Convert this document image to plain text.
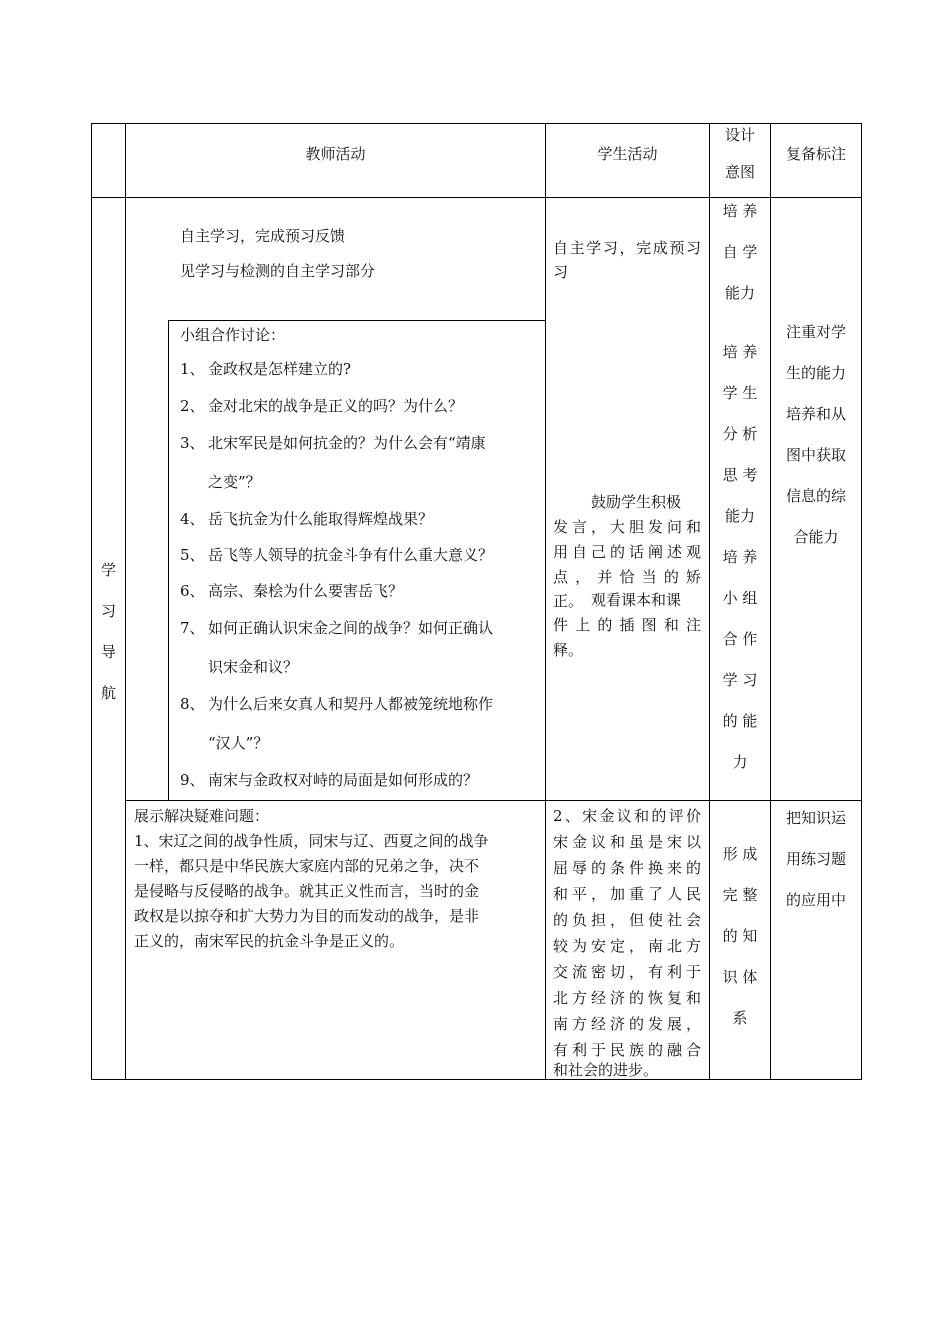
教师活动	学生活动
设计
意图
复备标注
学
习
导
航
自主学习，完成预习反馈
见学习与检测的自主学习部分
自主学习，完成预习
习
培 养
自 学
能力
小组合作讨论：
1、 金政权是怎样建立的?
2、 金对北宋的战争是正义的吗？为什么？
3、 北宋军民是如何抗金的？为什么会有“靖康
之变”？
4、 岳飞抗金为什么能取得辉煌战果？
5、 岳飞等人领导的抗金斗争有什么重大意义？
6、 高宗、秦桧为什么要害岳飞？
7、 如何正确认识宋金之间的战争？如何正确认
识宋金和议？
8、 为什么后来女真人和契丹人都被笼统地称作
“汉人”？
9、 南宋与金政权对峙的局面是如何形成的？
鼓励学生积极
发言，大胆发问和
用自己的话阐述观
点，并恰当的矫
正。 观看课本和课
件上的插图和注
释。
培 养
学 生
分 析
思 考
能力
培 养
小 组
合 作
学 习
的 能
力
注重对学
生的能力
培养和从
图中获取
信息的综
合能力
展示解决疑难问题：
1、宋辽之间的战争性质，同宋与辽、西夏之间的战争
一样，都只是中华民族大家庭内部的兄弟之争，决不
是侵略与反侵略的战争。就其正义性而言，当时的金
政权是以掠夺和扩大势力为目的而发动的战争，是非
正义的，南宋军民的抗金斗争是正义的。
2、宋金议和的评价
宋金议和虽是宋以
屈辱的条件换来的
和平，加重了人民
的负担，但使社会
较为安定，南北方
交流密切，有利于
北方经济的恢复和
南方经济的发展，
有利于民族的融合
和社会的进步。
形 成
完 整
的 知
识 体
系
把知识运
用练习题
的应用中
